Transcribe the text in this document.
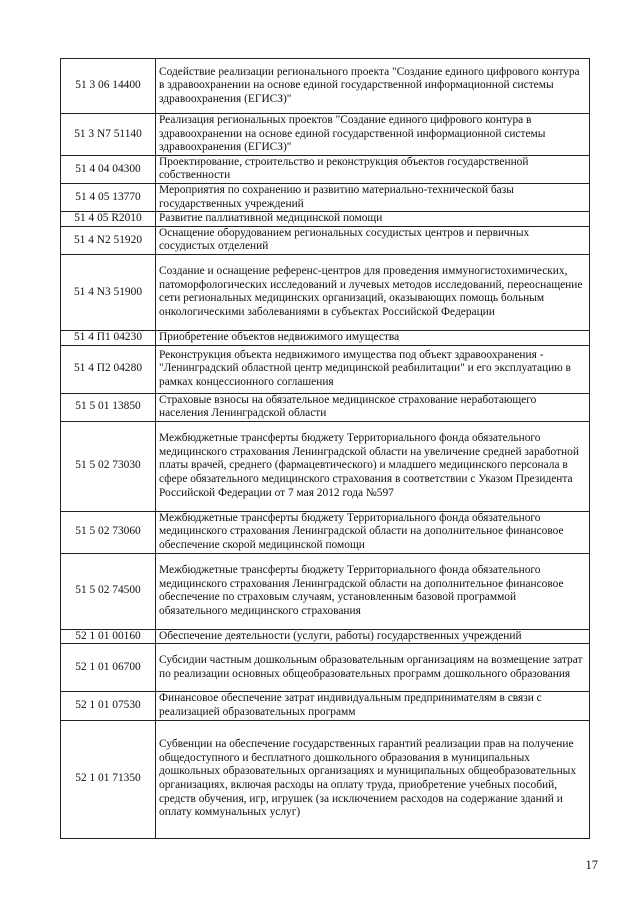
51 3 06 14400	Содействие реализации регионального проекта "Создание единого цифрового контура в здравоохранении на основе единой государственной информационной системы здравоохранения (ЕГИСЗ)"
51 3 N7 51140	Реализация региональных проектов "Создание единого цифрового контура в здравоохранении на основе единой государственной информационной системы здравоохранения (ЕГИСЗ)"
51 4 04 04300	Проектирование, строительство и реконструкция объектов государственной собственности
51 4 05 13770	Мероприятия по сохранению и развитию материально-технической базы государственных учреждений
51 4 05 R2010	Развитие паллиативной медицинской помощи
51 4 N2 51920	Оснащение оборудованием региональных сосудистых центров и первичных сосудистых отделений
51 4 N3 51900	Создание и оснащение референс-центров для проведения иммуногистохимических, патоморфологических исследований и лучевых методов исследований, переоснащение сети региональных медицинских организаций, оказывающих помощь больным онкологическими заболеваниями в субъектах Российской Федерации
51 4 П1 04230	Приобретение объектов недвижимого имущества
51 4 П2 04280	Реконструкция объекта недвижимого имущества под объект здравоохранения - "Ленинградский областной центр медицинской реабилитации" и его эксплуатацию в рамках концессионного соглашения
51 5 01 13850	Страховые взносы на обязательное медицинское страхование неработающего населения Ленинградской области
51 5 02 73030	Межбюджетные трансферты бюджету Территориального фонда обязательного медицинского страхования Ленинградской области на увеличение средней заработной платы врачей, среднего (фармацевтического) и младшего медицинского персонала в сфере обязательного медицинского страхования в соответствии с Указом Президента Российской Федерации от 7 мая 2012 года №597
51 5 02 73060	Межбюджетные трансферты бюджету Территориального фонда обязательного медицинского страхования Ленинградской области на дополнительное финансовое обеспечение скорой медицинской помощи
51 5 02 74500	Межбюджетные трансферты бюджету Территориального фонда обязательного медицинского страхования Ленинградской области на дополнительное финансовое обеспечение по страховым случаям, установленным базовой программой обязательного медицинского страхования
52 1 01 00160	Обеспечение деятельности (услуги, работы) государственных учреждений
52 1 01 06700	Субсидии частным дошкольным образовательным организациям на возмещение затрат по реализации основных общеобразовательных программ дошкольного образования
52 1 01 07530	Финансовое обеспечение затрат индивидуальным предпринимателям в связи с реализацией образовательных программ
52 1 01 71350	Субвенции на обеспечение государственных гарантий реализации прав на получение общедоступного и бесплатного дошкольного образования в муниципальных дошкольных образовательных организациях и муниципальных общеобразовательных организациях, включая расходы на оплату труда, приобретение учебных пособий, средств обучения, игр, игрушек (за исключением расходов на содержание зданий и оплату коммунальных услуг)
17
